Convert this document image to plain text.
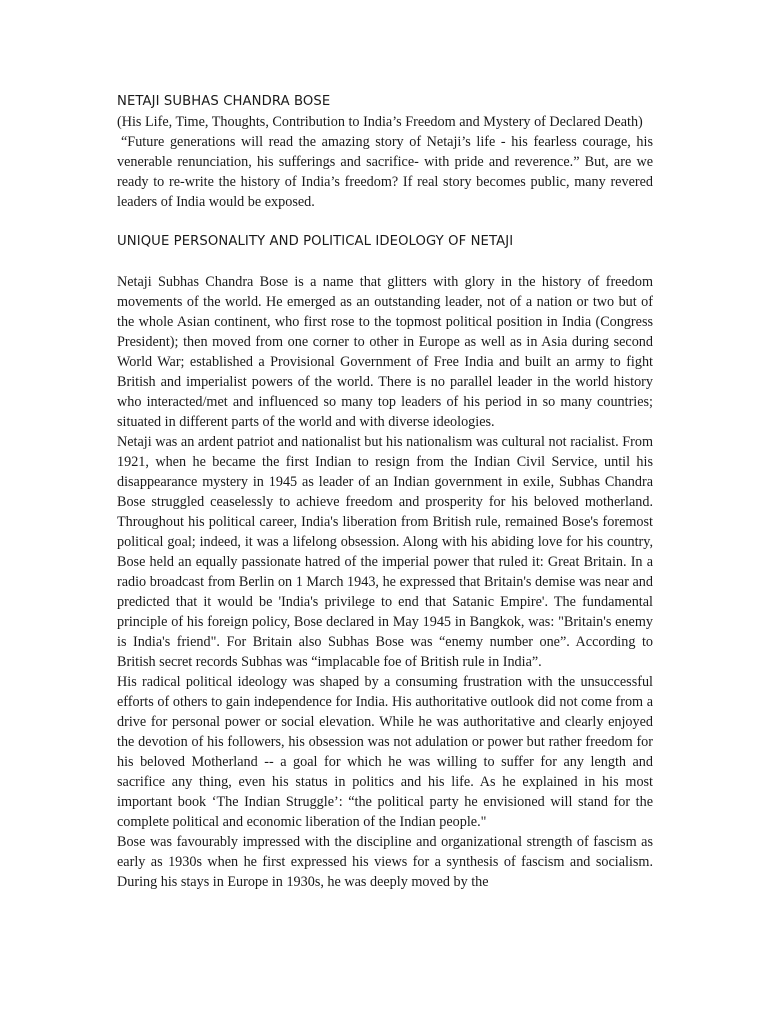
NETAJI SUBHAS CHANDRA BOSE

(His Life, Time, Thoughts, Contribution to India’s Freedom and Mystery of Declared Death)

“Future generations will read the amazing story of Netaji’s life - his fearless courage, his venerable renunciation, his sufferings and sacrifice- with pride and reverence.” But, are we ready to re-write the history of India’s freedom? If real story becomes public, many revered leaders of India would be exposed.

UNIQUE PERSONALITY AND POLITICAL IDEOLOGY OF NETAJI

Netaji Subhas Chandra Bose is a name that glitters with glory in the history of freedom movements of the world. He emerged as an outstanding leader, not of a nation or two but of the whole Asian continent, who first rose to the topmost political position in India (Congress President); then moved from one corner to other in Europe as well as in Asia during second World War; established a Provisional Government of Free India and built an army to fight British and imperialist powers of the world. There is no parallel leader in the world history who interacted/met and influenced so many top leaders of his period in so many countries; situated in different parts of the world and with diverse ideologies.

Netaji was an ardent patriot and nationalist but his nationalism was cultural not racialist. From 1921, when he became the first Indian to resign from the Indian Civil Service, until his disappearance mystery in 1945 as leader of an Indian government in exile, Subhas Chandra Bose struggled ceaselessly to achieve freedom and prosperity for his beloved motherland. Throughout his political career, India's liberation from British rule, remained Bose's foremost political goal; indeed, it was a lifelong obsession. Along with his abiding love for his country, Bose held an equally passionate hatred of the imperial power that ruled it: Great Britain. In a radio broadcast from Berlin on 1 March 1943, he expressed that Britain's demise was near and predicted that it would be 'India's privilege to end that Satanic Empire'. The fundamental principle of his foreign policy, Bose declared in May 1945 in Bangkok, was: "Britain's enemy is India's friend". For Britain also Subhas Bose was “enemy number one”. According to British secret records Subhas was “implacable foe of British rule in India”.

His radical political ideology was shaped by a consuming frustration with the unsuccessful efforts of others to gain independence for India. His authoritative outlook did not come from a drive for personal power or social elevation. While he was authoritative and clearly enjoyed the devotion of his followers, his obsession was not adulation or power but rather freedom for his beloved Motherland -- a goal for which he was willing to suffer for any length and sacrifice any thing, even his status in politics and his life. As he explained in his most important book ‘The Indian Struggle’: “the political party he envisioned will stand for the complete political and economic liberation of the Indian people."

Bose was favourably impressed with the discipline and organizational strength of fascism as early as 1930s when he first expressed his views for a synthesis of fascism and socialism. During his stays in Europe in 1930s, he was deeply moved by the
